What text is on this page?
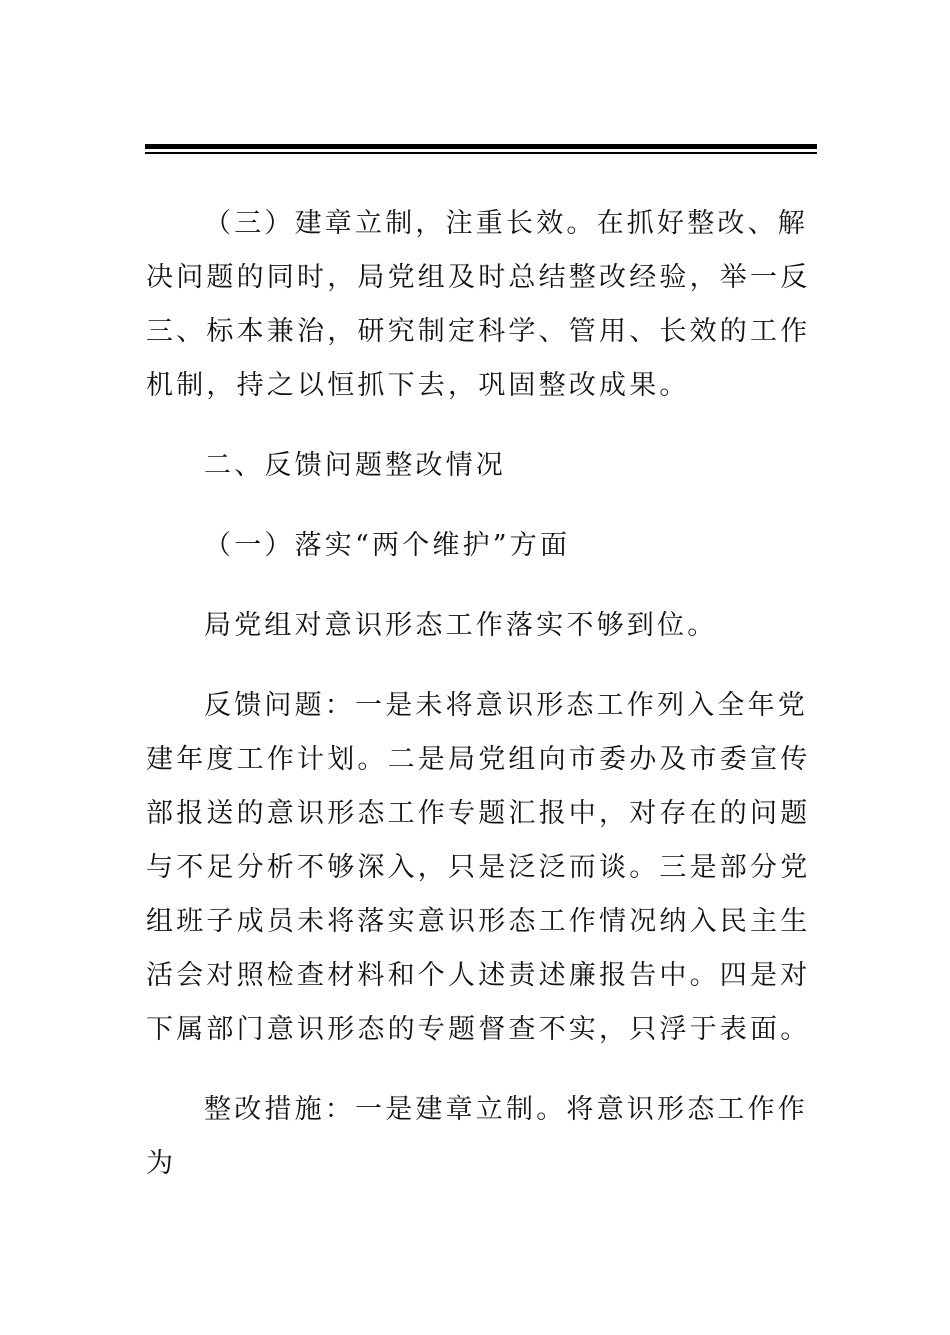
（三）建章立制，注重长效。在抓好整改、解决问题的同时，局党组及时总结整改经验，举一反三、标本兼治，研究制定科学、管用、长效的工作机制，持之以恒抓下去，巩固整改成果。

二、反馈问题整改情况

（一）落实“两个维护”方面

局党组对意识形态工作落实不够到位。

反馈问题：一是未将意识形态工作列入全年党建年度工作计划。二是局党组向市委办及市委宣传部报送的意识形态工作专题汇报中，对存在的问题与不足分析不够深入，只是泛泛而谈。三是部分党组班子成员未将落实意识形态工作情况纳入民主生活会对照检查材料和个人述责述廉报告中。四是对下属部门意识形态的专题督查不实，只浮于表面。

整改措施：一是建章立制。将意识形态工作作为
